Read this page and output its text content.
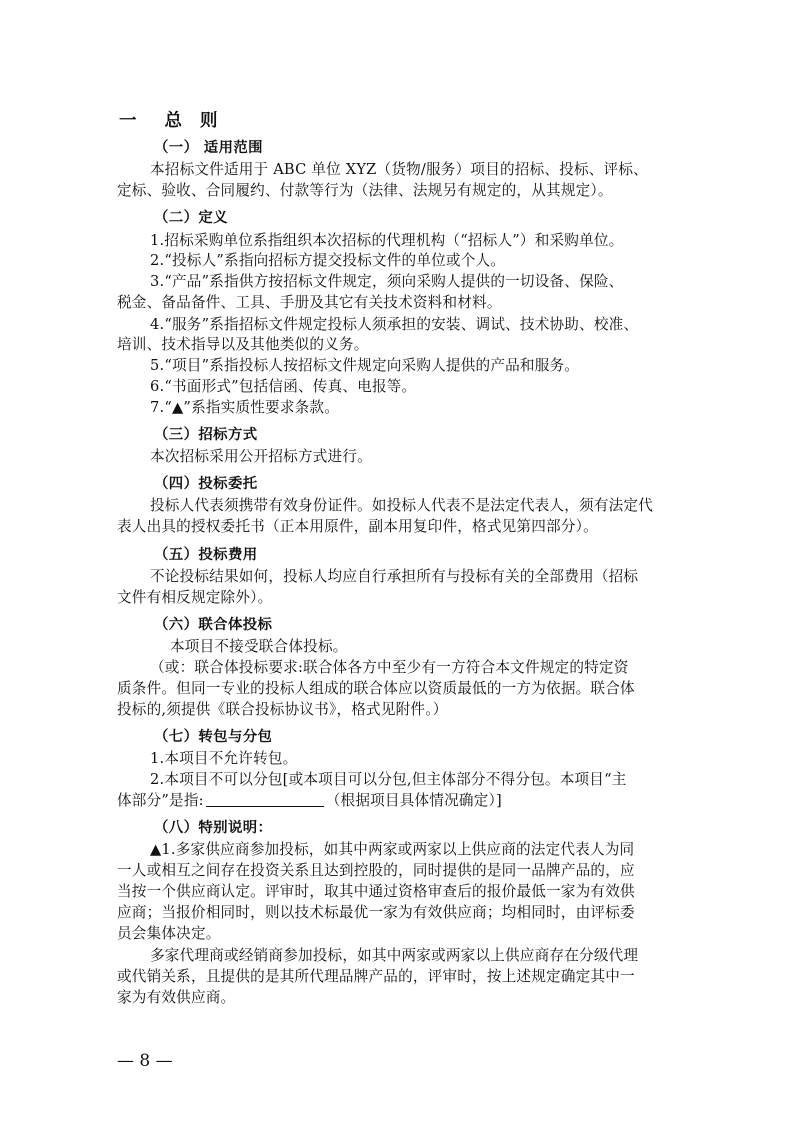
一 总 则
（一） 适用范围
本招标文件适用于 ABC 单位 XYZ（货物/服务）项目的招标、投标、评标、
定标、验收、合同履约、付款等行为（法律、法规另有规定的，从其规定）。
（二）定义
1.招标采购单位系指组织本次招标的代理机构（“招标人”）和采购单位。
2.“投标人”系指向招标方提交投标文件的单位或个人。
3.“产品”系指供方按招标文件规定，须向采购人提供的一切设备、保险、
税金、备品备件、工具、手册及其它有关技术资料和材料。
4.“服务”系指招标文件规定投标人须承担的安装、调试、技术协助、校准、
培训、技术指导以及其他类似的义务。
5.“项目”系指投标人按招标文件规定向采购人提供的产品和服务。
6.“书面形式”包括信函、传真、电报等。
7.“▲”系指实质性要求条款。
（三）招标方式
本次招标采用公开招标方式进行。
（四）投标委托
投标人代表须携带有效身份证件。如投标人代表不是法定代表人，须有法定代
表人出具的授权委托书（正本用原件，副本用复印件，格式见第四部分）。
（五）投标费用
不论投标结果如何，投标人均应自行承担所有与投标有关的全部费用（招标
文件有相反规定除外）。
（六）联合体投标
本项目不接受联合体投标。
（或：联合体投标要求:联合体各方中至少有一方符合本文件规定的特定资
质条件。但同一专业的投标人组成的联合体应以资质最低的一方为依据。联合体
投标的,须提供《联合投标协议书》，格式见附件。）
（七）转包与分包
1.本项目不允许转包。
2.本项目不可以分包[或本项目可以分包,但主体部分不得分包。本项目“主
体部分”是指:	（根据项目具体情况确定）]
（八）特别说明：
▲1.多家供应商参加投标，如其中两家或两家以上供应商的法定代表人为同
一人或相互之间存在投资关系且达到控股的，同时提供的是同一品牌产品的，应
当按一个供应商认定。评审时，取其中通过资格审查后的报价最低一家为有效供
应商；当报价相同时，则以技术标最优一家为有效供应商；均相同时，由评标委
员会集体决定。
多家代理商或经销商参加投标，如其中两家或两家以上供应商存在分级代理
或代销关系，且提供的是其所代理品牌产品的，评审时，按上述规定确定其中一
家为有效供应商。
— 8 —
